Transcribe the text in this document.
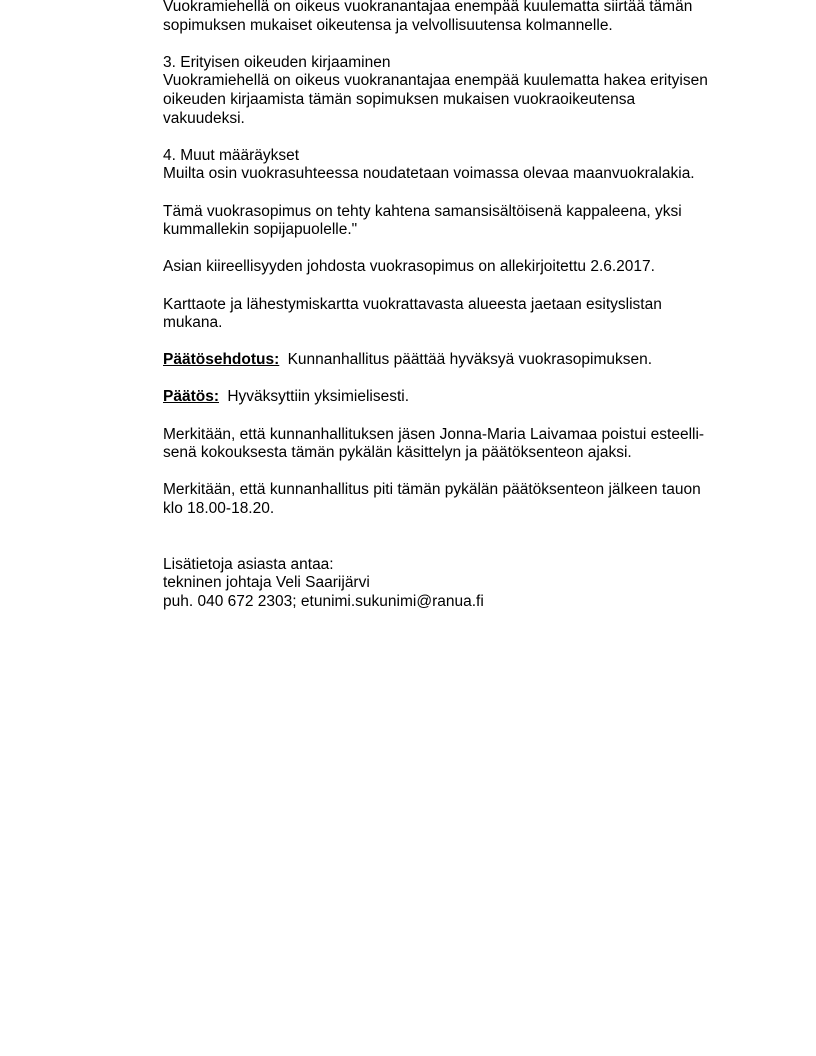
Vuokramiehellä on oikeus vuokranantajaa enempää kuulematta siirtää tämän
sopimuksen mukaiset oikeutensa ja velvollisuutensa kolmannelle.
3. Erityisen oikeuden kirjaaminen
Vuokramiehellä on oikeus vuokranantajaa enempää kuulematta hakea erityisen
oikeuden kirjaamista tämän sopimuksen mukaisen vuokraoikeutensa
vakuudeksi.
4. Muut määräykset
Muilta osin vuokrasuhteessa noudatetaan voimassa olevaa maanvuokralakia.
Tämä vuokrasopimus on tehty kahtena samansisältöisenä kappaleena, yksi
kummallekin sopijapuolelle."
Asian kiireellisyyden johdosta vuokrasopimus on allekirjoitettu 2.6.2017.
Karttaote ja lähestymiskartta vuokrattavasta alueesta jaetaan esityslistan
mukana.
Päätösehdotus: Kunnanhallitus päättää hyväksyä vuokrasopimuksen.
Päätös: Hyväksyttiin yksimielisesti.
Merkitään, että kunnanhallituksen jäsen Jonna-Maria Laivamaa poistui esteelli-
senä kokouksesta tämän pykälän käsittelyn ja päätöksenteon ajaksi.
Merkitään, että kunnanhallitus piti tämän pykälän päätöksenteon jälkeen tauon
klo 18.00-18.20.
Lisätietoja asiasta antaa:
tekninen johtaja Veli Saarijärvi
puh. 040 672 2303; etunimi.sukunimi@ranua.fi
